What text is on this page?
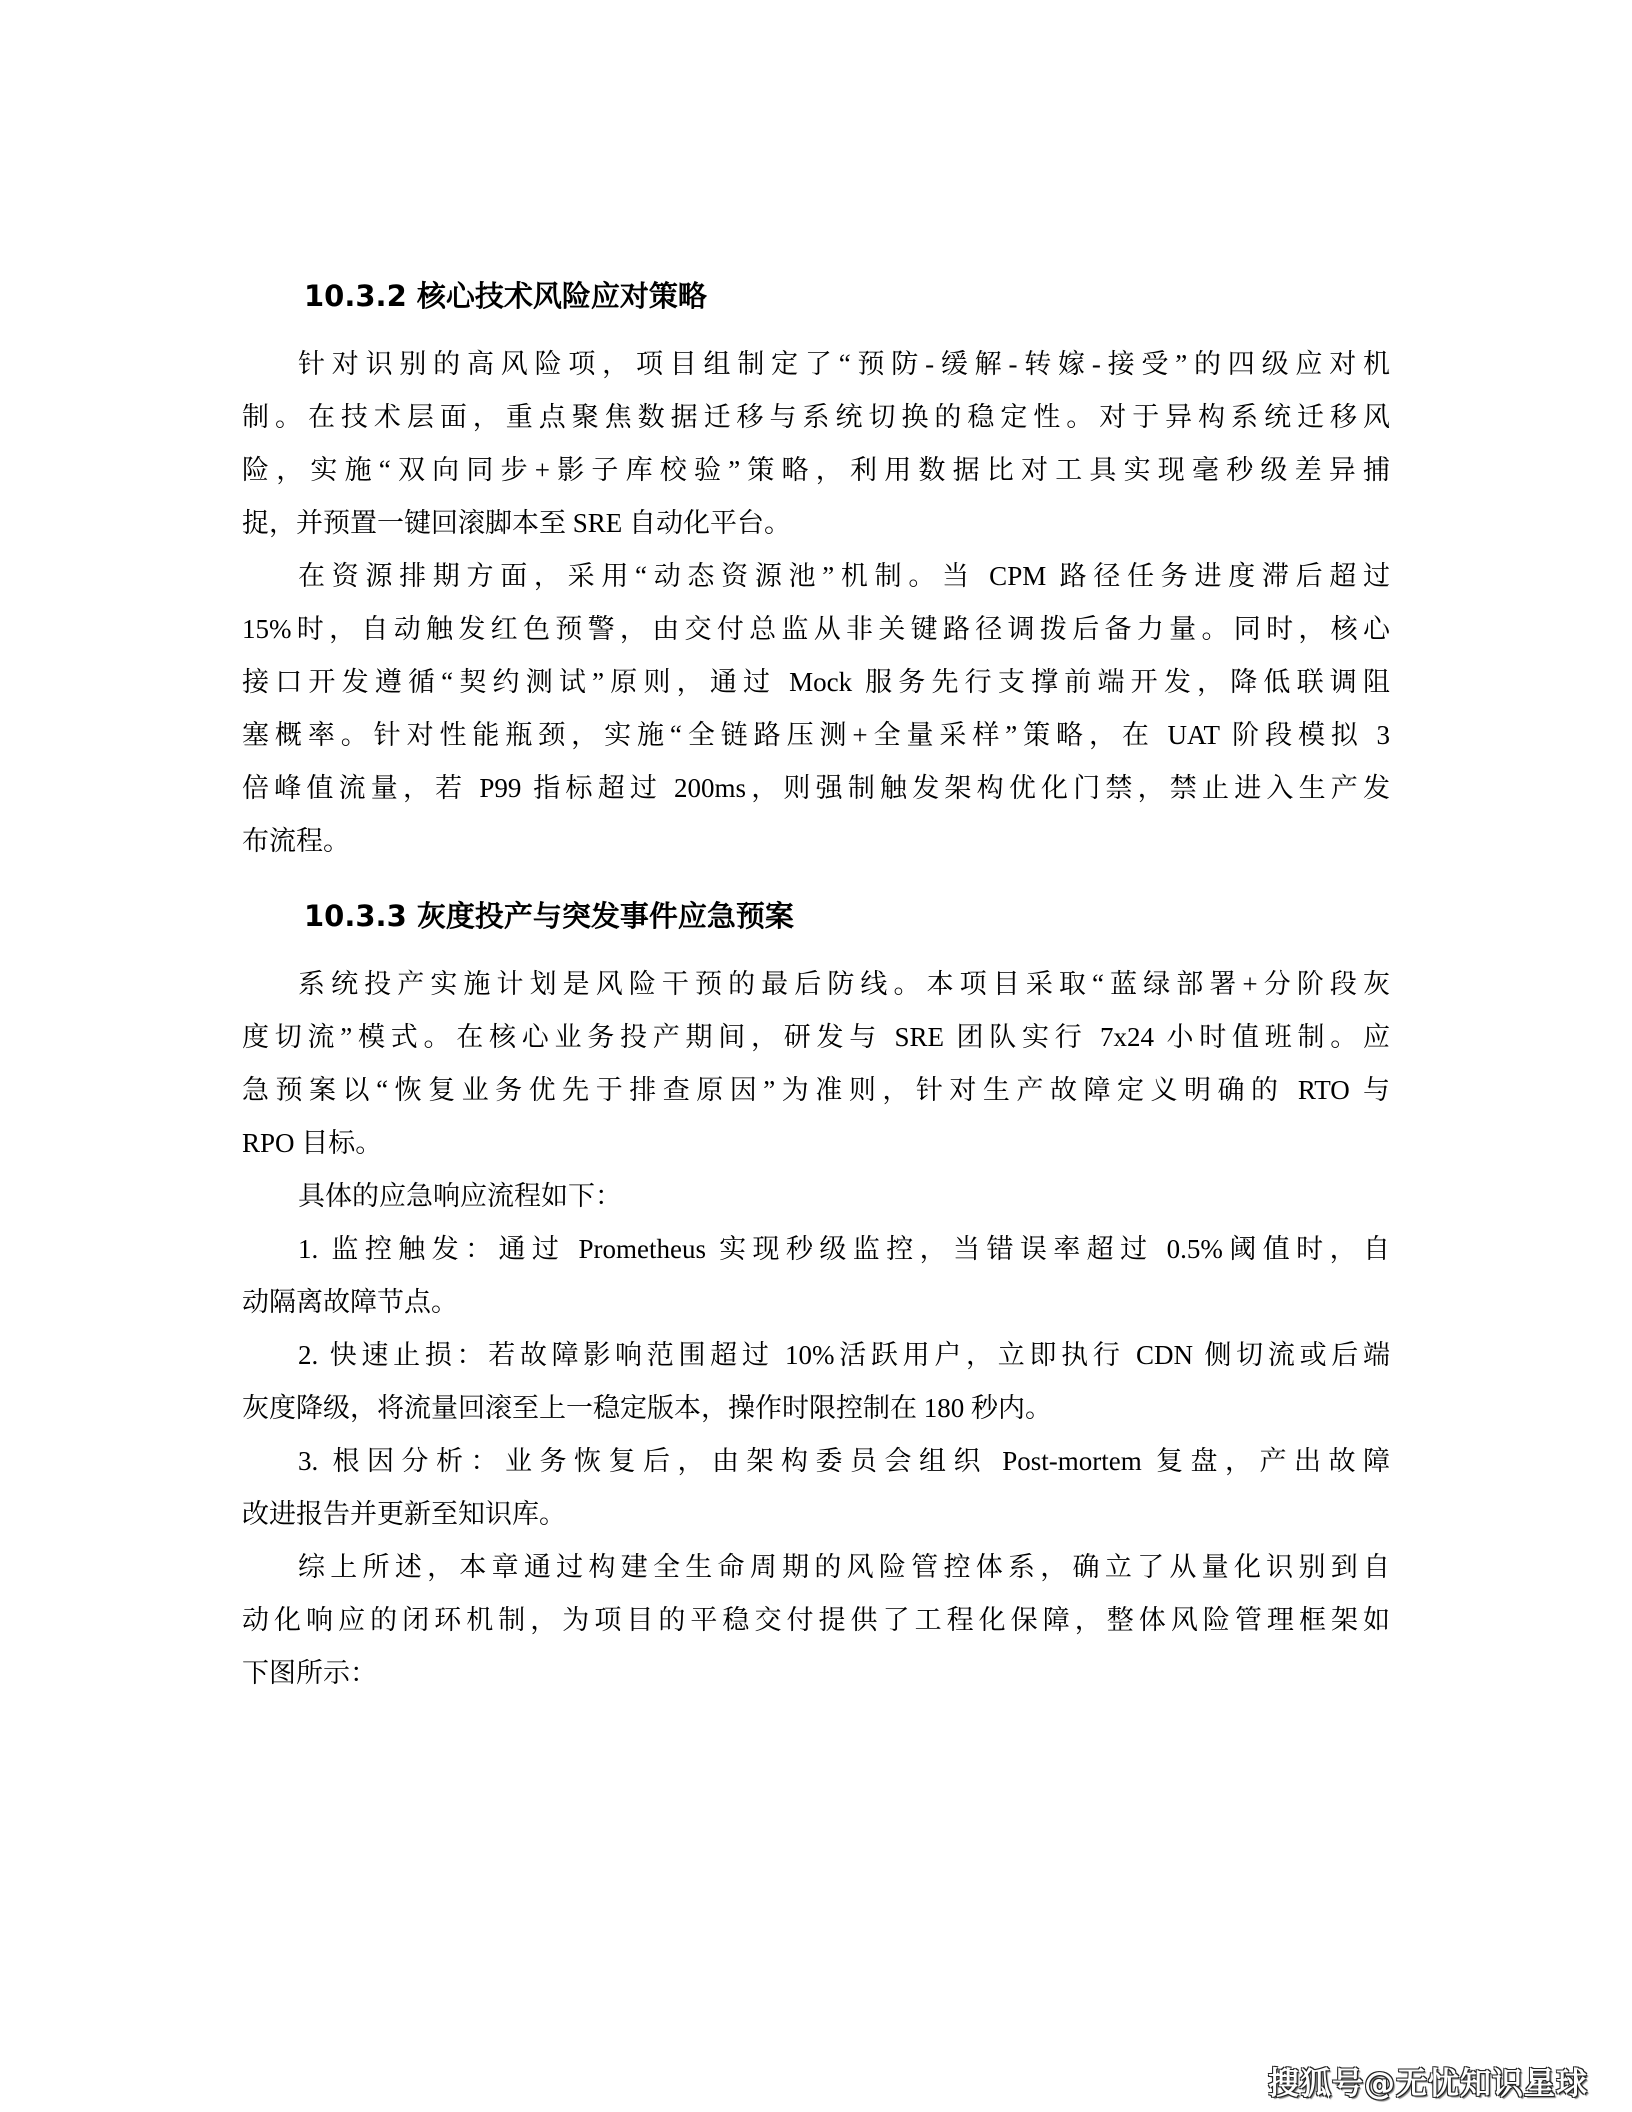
10.3.2 核心技术风险应对策略
针对识别的高风险项，项目组制定了“预防-缓解-转嫁-接受”的四级应对机
制。在技术层面，重点聚焦数据迁移与系统切换的稳定性。对于异构系统迁移风
险，实施“双向同步+影子库校验”策略，利用数据比对工具实现毫秒级差异捕
捉，并预置一键回滚脚本至 SRE 自动化平台。
在资源排期方面，采用“动态资源池”机制。当 CPM 路径任务进度滞后超过
15%时，自动触发红色预警，由交付总监从非关键路径调拨后备力量。同时，核心
接口开发遵循“契约测试”原则，通过 Mock 服务先行支撑前端开发，降低联调阻
塞概率。针对性能瓶颈，实施“全链路压测+全量采样”策略，在 UAT 阶段模拟 3
倍峰值流量，若 P99 指标超过 200ms，则强制触发架构优化门禁，禁止进入生产发
布流程。
10.3.3 灰度投产与突发事件应急预案
系统投产实施计划是风险干预的最后防线。本项目采取“蓝绿部署+分阶段灰
度切流”模式。在核心业务投产期间，研发与 SRE 团队实行 7x24 小时值班制。应
急预案以“恢复业务优先于排查原因”为准则，针对生产故障定义明确的 RTO 与
RPO 目标。
具体的应急响应流程如下：
1. 监控触发：通过 Prometheus 实现秒级监控，当错误率超过 0.5%阈值时，自
动隔离故障节点。
2. 快速止损：若故障影响范围超过 10%活跃用户，立即执行 CDN 侧切流或后端
灰度降级，将流量回滚至上一稳定版本，操作时限控制在 180 秒内。
3. 根因分析：业务恢复后，由架构委员会组织 Post-mortem 复盘，产出故障
改进报告并更新至知识库。
综上所述，本章通过构建全生命周期的风险管控体系，确立了从量化识别到自
动化响应的闭环机制，为项目的平稳交付提供了工程化保障，整体风险管理框架如
下图所示：
搜狐号@无忧知识星球
